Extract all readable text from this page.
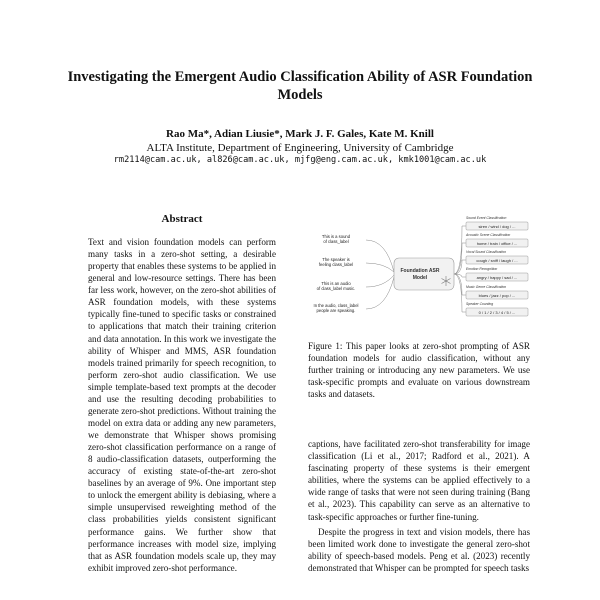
Investigating the Emergent Audio Classification Ability of ASR Foundation
Models
Rao Ma*, Adian Liusie*, Mark J. F. Gales, Kate M. Knill
ALTA Institute, Department of Engineering, University of Cambridge
rm2114@cam.ac.uk, al826@cam.ac.uk, mjfg@eng.cam.ac.uk, kmk1001@cam.ac.uk
Abstract

Text and vision foundation models can perform many tasks in a zero-shot setting, a desirable property that enables these systems to be applied in general and low-resource settings. There has been far less work, however, on the zero-shot abilities of ASR foundation models, with these systems typically fine-tuned to specific tasks or constrained to applications that match their training criterion and data annotation. In this work we investigate the ability of Whisper and MMS, ASR foundation models trained primarily for speech recognition, to perform zero-shot audio classification. We use simple template-based text prompts at the decoder and use the resulting decoding probabilities to generate zero-shot predictions. Without training the model on extra data or adding any new parameters, we demonstrate that Whisper shows promising zero-shot classification performance on a range of 8 audio-classification datasets, outperforming the accuracy of existing state-of-the-art zero-shot baselines by an average of 9%. One important step to unlock the emergent ability is debiasing, where a simple unsupervised reweighting method of the class probabilities yields consistent significant performance gains. We further show that performance increases with model size, implying that as ASR foundation models scale up, they may exhibit improved zero-shot performance.

This is a sound
of class_label
The speaker is
feeling class_label
This is an audio
of class_label music.
In the audio, class_label
people are speaking.
Foundation ASR
Model
Sound Event Classification
Acoustic Scene Classification
Vocal Sound Classification
Emotion Recognition
Music Genre Classification
Speaker Counting
siren / wind / dog / ...
home / train / office / ...
cough / sniff / laugh / ...
angry / happy / sad / ...
blues / jazz / pop / ...
0 / 1 / 2 / 3 / 4 / 5 / ...
Figure 1: This paper looks at zero-shot prompting of ASR foundation models for audio classification, without any further training or introducing any new parameters. We use task-specific prompts and evaluate on various downstream tasks and datasets.

captions, have facilitated zero-shot transferability for image classification (Li et al., 2017; Radford et al., 2021). A fascinating property of these systems is their emergent abilities, where the systems can be applied effectively to a wide range of tasks that were not seen during training (Bang et al., 2023). This capability can serve as an alternative to task-specific approaches or further fine-tuning.

Despite the progress in text and vision models, there has been limited work done to investigate the general zero-shot ability of speech-based models. Peng et al. (2023) recently demonstrated that Whisper can be prompted for speech tasks
